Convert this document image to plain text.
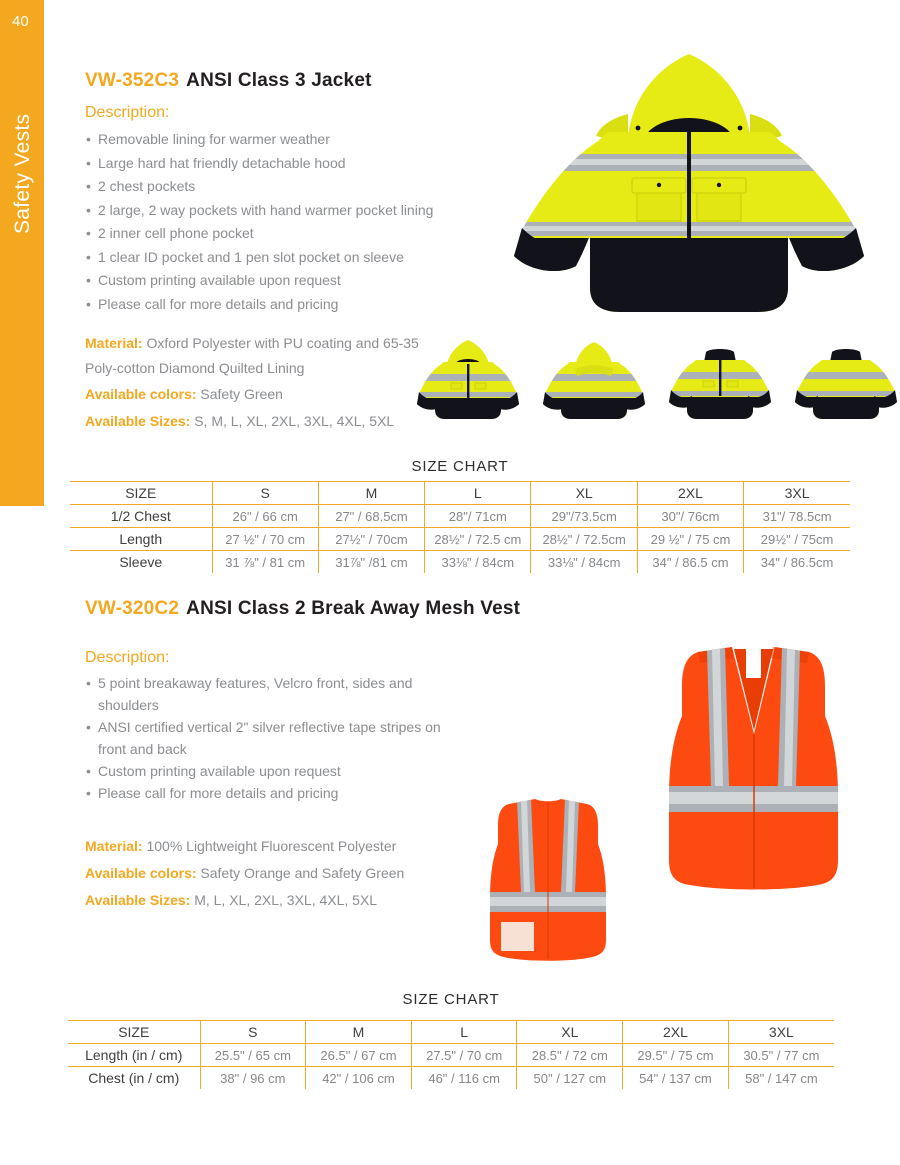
40
Safety Vests
VW-352C3 ANSI Class 3 Jacket
Description:
• Removable lining for warmer weather
• Large hard hat friendly detachable hood
• 2 chest pockets
• 2 large, 2 way pockets with hand warmer pocket lining
• 2 inner cell phone pocket
• 1 clear ID pocket and 1 pen slot pocket on sleeve
• Custom printing available upon request
• Please call for more details and pricing
Material: Oxford Polyester with PU coating and 65-35 Poly-cotton Diamond Quilted Lining
Available colors: Safety Green
Available Sizes: S, M, L, XL, 2XL, 3XL, 4XL, 5XL
SIZE CHART
SIZE	S	M	L	XL	2XL	3XL
1/2 Chest	26" / 66 cm	27" / 68.5cm	28"/ 71cm	29"/73.5cm	30"/ 76cm	31"/ 78.5cm
Length	27 ½" / 70 cm	27½" / 70cm	28½" / 72.5 cm	28½" / 72.5cm	29 ½" / 75 cm	29½" / 75cm
Sleeve	31 ⅞" / 81 cm	31⅞" /81 cm	33⅛" / 84cm	33⅛" / 84cm	34" / 86.5 cm	34" / 86.5cm
VW-320C2 ANSI Class 2 Break Away Mesh Vest
Description:
• 5 point breakaway features, Velcro front, sides and shoulders
• ANSI certified vertical 2" silver reflective tape stripes on front and back
• Custom printing available upon request
• Please call for more details and pricing
Material: 100% Lightweight Fluorescent Polyester
Available colors: Safety Orange and Safety Green
Available Sizes: M, L, XL, 2XL, 3XL, 4XL, 5XL
SIZE CHART
SIZE	S	M	L	XL	2XL	3XL
Length (in / cm)	25.5" / 65 cm	26.5" / 67 cm	27.5" / 70 cm	28.5" / 72 cm	29.5" / 75 cm	30.5" / 77 cm
Chest (in / cm)	38" / 96 cm	42" / 106 cm	46" / 116 cm	50" / 127 cm	54" / 137 cm	58" / 147 cm
